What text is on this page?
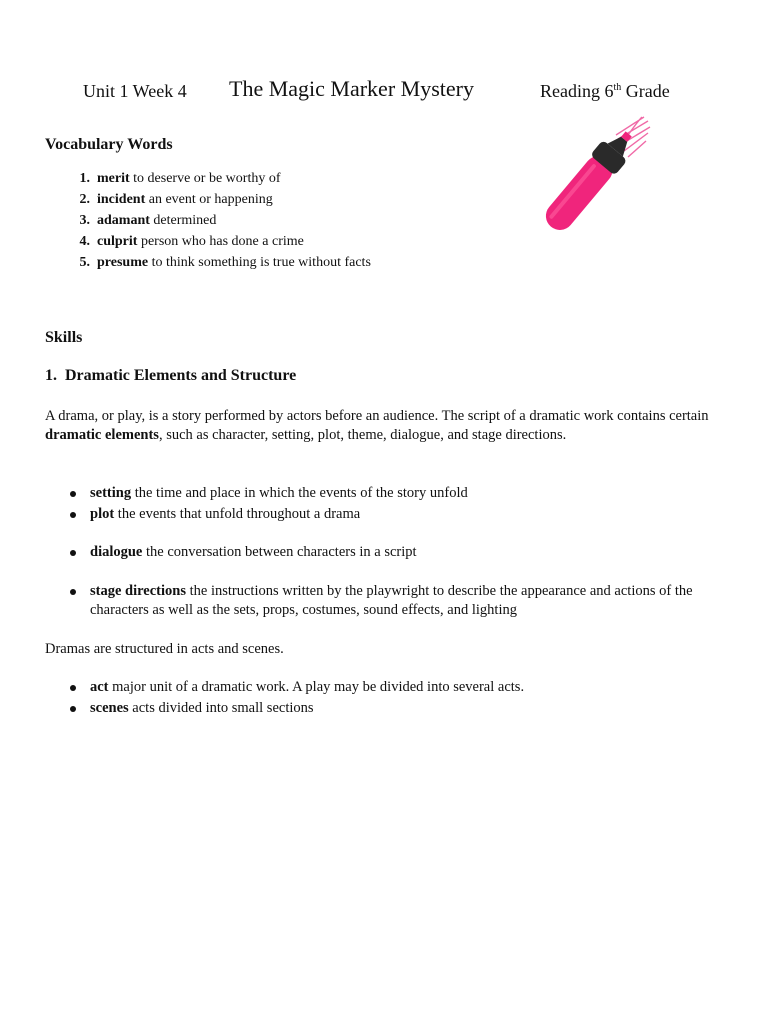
Unit 1 Week 4 The Magic Marker Mystery	Reading 6th Grade
Vocabulary Words
1. merit to deserve or be worthy of
2. incident an event or happening
3. adamant determined
4. culprit person who has done a crime
5. presume to think something is true without facts
Skills
1.  Dramatic Elements and Structure

A drama, or play, is a story performed by actors before an audience. The script of a dramatic work contains certain dramatic elements, such as character, setting, plot, theme, dialogue, and stage directions.

setting the time and place in which the events of the story unfold
plot the events that unfold throughout a drama
dialogue the conversation between characters in a script
stage directions the instructions written by the playwright to describe the appearance and actions of the characters as well as the sets, props, costumes, sound effects, and lighting

Dramas are structured in acts and scenes.

act major unit of a dramatic work. A play may be divided into several acts.
scenes acts divided into small sections
